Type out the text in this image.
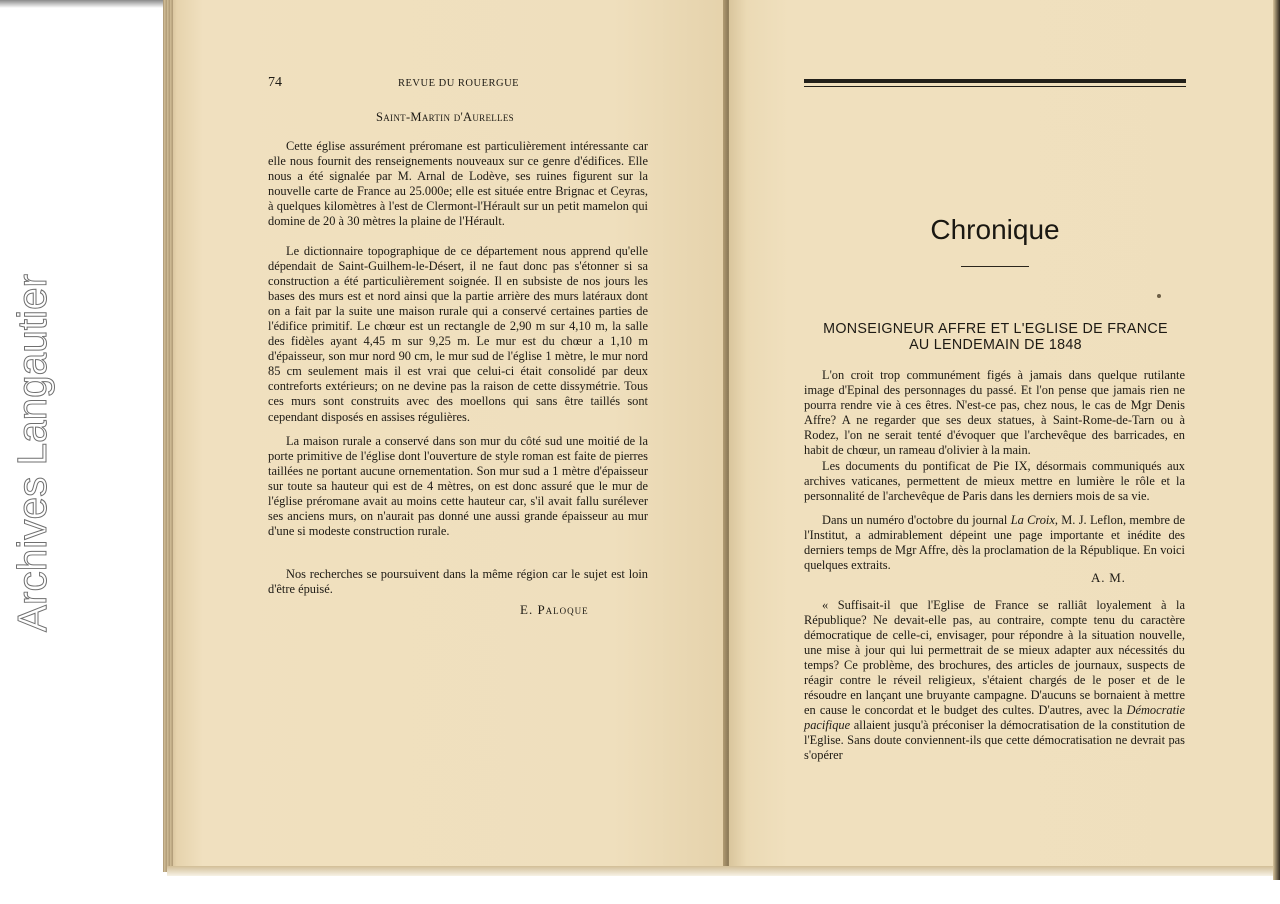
Archives Langautier
74	REVUE DU ROUERGUE
Saint-Martin d'Aurelles

Cette église assurément préromane est particulièrement intéressante car elle nous fournit des renseignements nouveaux sur ce genre d'édifices. Elle nous a été signalée par M. Arnal de Lodève, ses ruines figurent sur la nouvelle carte de France au 25.000e; elle est située entre Brignac et Ceyras, à quelques kilomètres à l'est de Clermont-l'Hérault sur un petit mamelon qui domine de 20 à 30 mètres la plaine de l'Hérault.

Le dictionnaire topographique de ce département nous apprend qu'elle dépendait de Saint-Guilhem-le-Désert, il ne faut donc pas s'étonner si sa construction a été particulièrement soignée. Il en subsiste de nos jours les bases des murs est et nord ainsi que la partie arrière des murs latéraux dont on a fait par la suite une maison rurale qui a conservé certaines parties de l'édifice primitif. Le chœur est un rectangle de 2,90 m sur 4,10 m, la salle des fidèles ayant 4,45 m sur 9,25 m. Le mur est du chœur a 1,10 m d'épaisseur, son mur nord 90 cm, le mur sud de l'église 1 mètre, le mur nord 85 cm seulement mais il est vrai que celui-ci était consolidé par deux contreforts extérieurs; on ne devine pas la raison de cette dissymétrie. Tous ces murs sont construits avec des moellons qui sans être taillés sont cependant disposés en assises régulières.

La maison rurale a conservé dans son mur du côté sud une moitié de la porte primitive de l'église dont l'ouverture de style roman est faite de pierres taillées ne portant aucune ornementation. Son mur sud a 1 mètre d'épaisseur sur toute sa hauteur qui est de 4 mètres, on est donc assuré que le mur de l'église préromane avait au moins cette hauteur car, s'il avait fallu surélever ses anciens murs, on n'aurait pas donné une aussi grande épaisseur au mur d'une si modeste construction rurale.

Nos recherches se poursuivent dans la même région car le sujet est loin d'être épuisé.

E. Paloque
Chronique
MONSEIGNEUR AFFRE ET L'EGLISE DE FRANCE
AU LENDEMAIN DE 1848

L'on croit trop communément figés à jamais dans quelque rutilante image d'Epinal des personnages du passé. Et l'on pense que jamais rien ne pourra rendre vie à ces êtres. N'est-ce pas, chez nous, le cas de Mgr Denis Affre? A ne regarder que ses deux statues, à Saint-Rome-de-Tarn ou à Rodez, l'on ne serait tenté d'évoquer que l'archevêque des barricades, en habit de chœur, un rameau d'olivier à la main.

Les documents du pontificat de Pie IX, désormais communiqués aux archives vaticanes, permettent de mieux mettre en lumière le rôle et la personnalité de l'archevêque de Paris dans les derniers mois de sa vie.

Dans un numéro d'octobre du journal La Croix, M. J. Leflon, membre de l'Institut, a admirablement dépeint une page importante et inédite des derniers temps de Mgr Affre, dès la proclamation de la République. En voici quelques extraits.

A. M.

« Suffisait-il que l'Eglise de France se ralliât loyalement à la République? Ne devait-elle pas, au contraire, compte tenu du caractère démocratique de celle-ci, envisager, pour répondre à la situation nouvelle, une mise à jour qui lui permettrait de se mieux adapter aux nécessités du temps? Ce problème, des brochures, des articles de journaux, suspects de réagir contre le réveil religieux, s'étaient chargés de le poser et de le résoudre en lançant une bruyante campagne. D'aucuns se bornaient à mettre en cause le concordat et le budget des cultes. D'autres, avec la Démocratie pacifique allaient jusqu'à préconiser la démocratisation de la constitution de l'Eglise. Sans doute conviennent-ils que cette démocratisation ne devrait pas s'opérer
